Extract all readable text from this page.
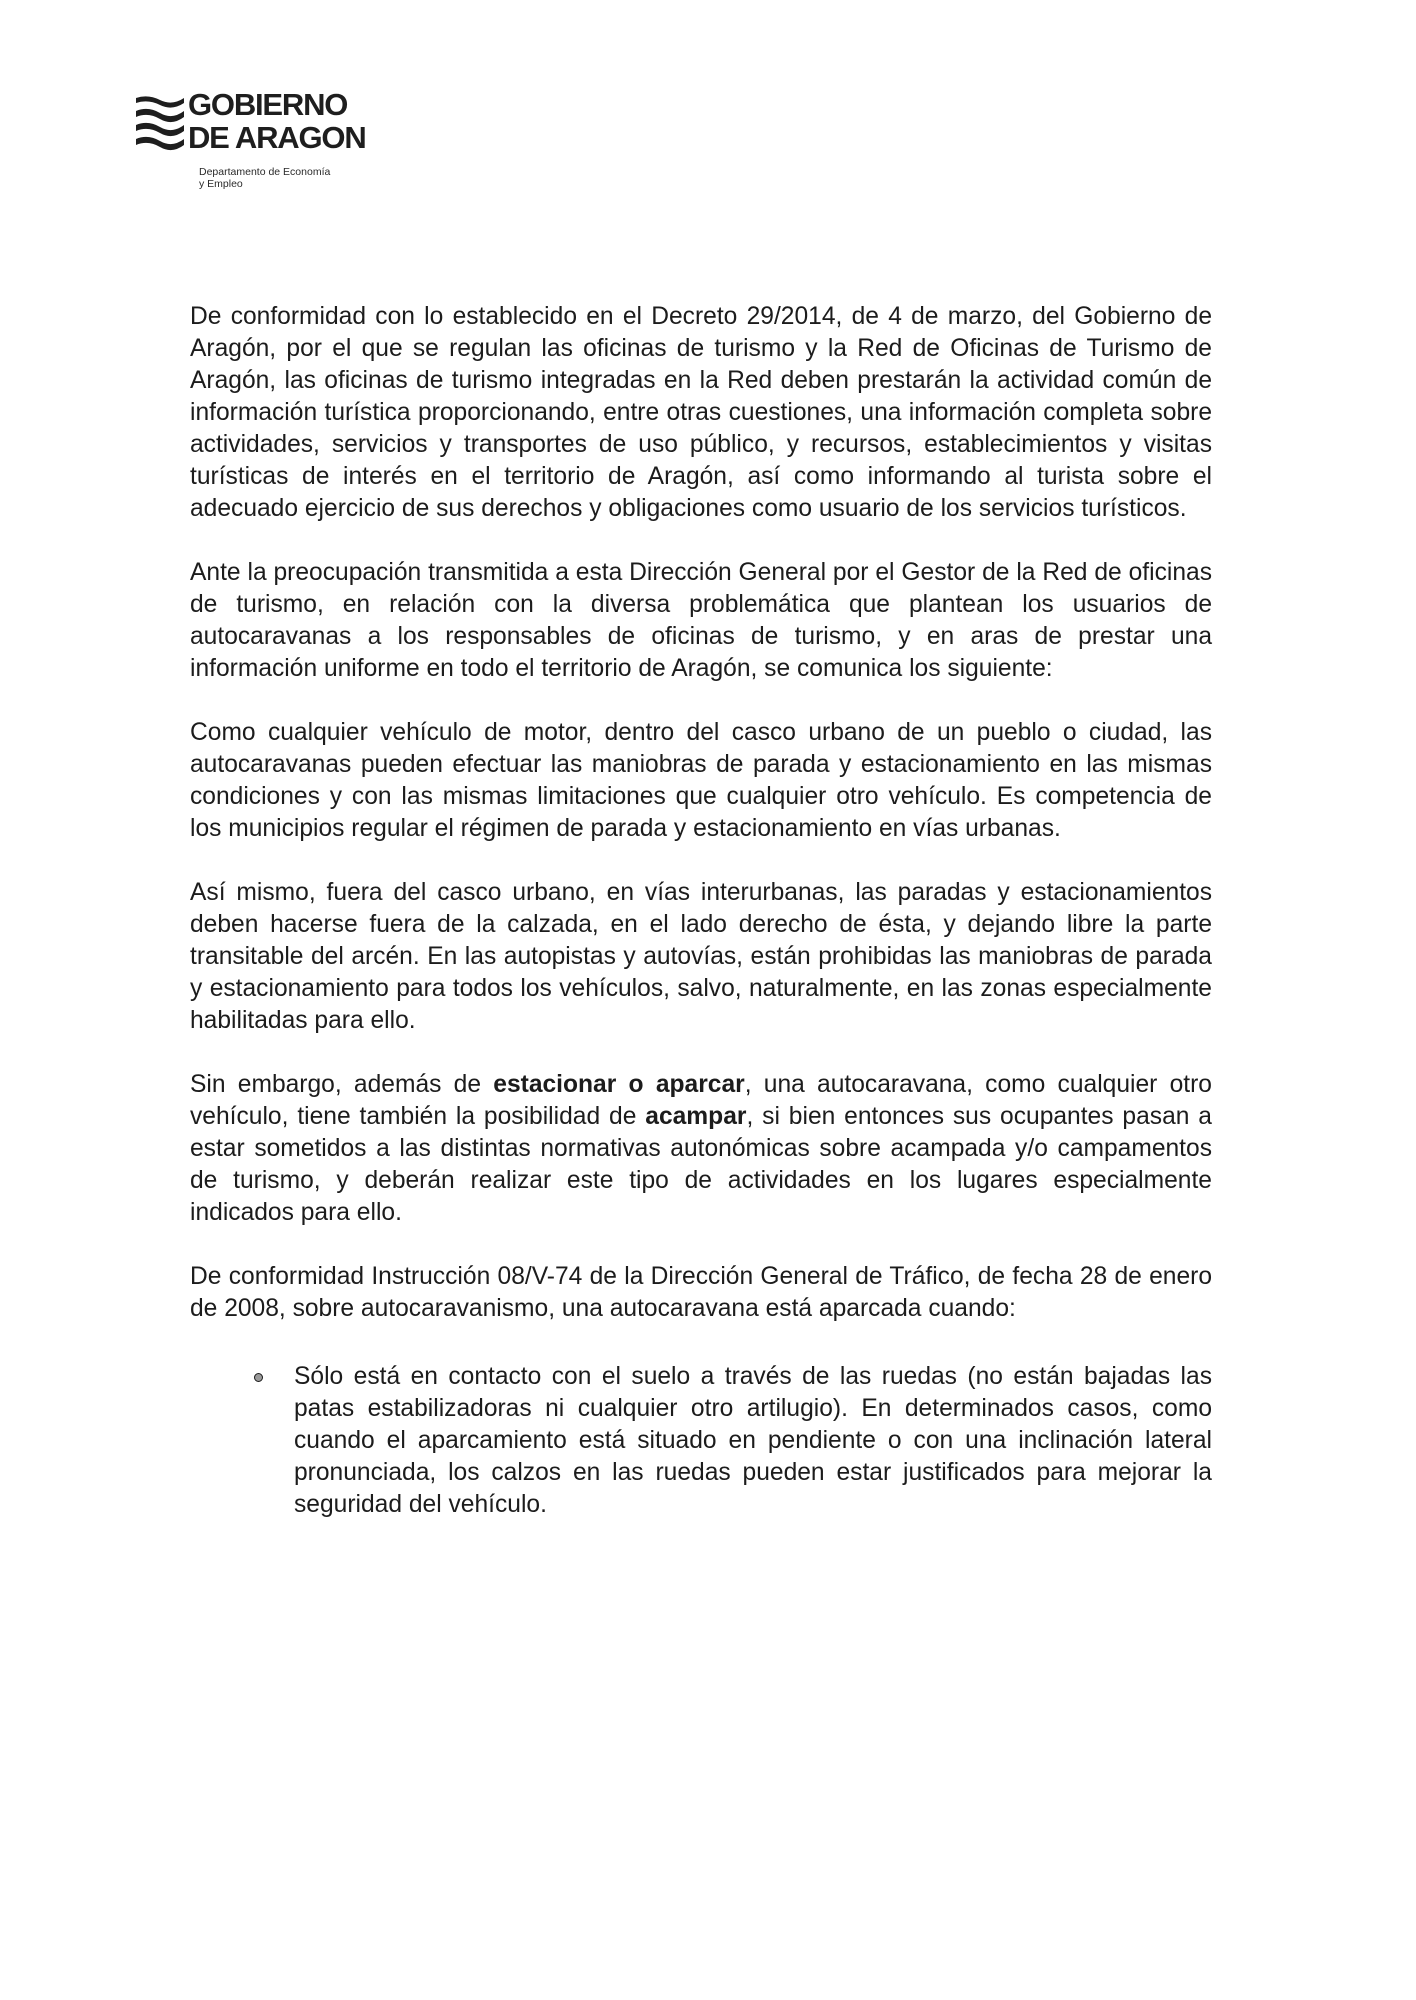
GOBIERNO
DE ARAGON
Departamento de Economía
y Empleo

De conformidad con lo establecido en el Decreto 29/2014, de 4 de marzo, del Gobierno de Aragón, por el que se regulan las oficinas de turismo y la Red de Oficinas de Turismo de Aragón, las oficinas de turismo integradas en la Red deben prestarán la actividad común de información turística proporcionando, entre otras cuestiones, una información completa sobre actividades, servicios y transportes de uso público, y recursos, establecimientos y visitas turísticas de interés en el territorio de Aragón, así como informando al turista sobre el adecuado ejercicio de sus derechos y obligaciones como usuario de los servicios turísticos.

Ante la preocupación transmitida a esta Dirección General por el Gestor de la Red de oficinas de turismo, en relación con la diversa problemática que plantean los usuarios de autocaravanas a los responsables de oficinas de turismo, y en aras de prestar una información uniforme en todo el territorio de Aragón, se comunica los siguiente:

Como cualquier vehículo de motor, dentro del casco urbano de un pueblo o ciudad, las autocaravanas pueden efectuar las maniobras de parada y estacionamiento en las mismas condiciones y con las mismas limitaciones que cualquier otro vehículo. Es competencia de los municipios regular el régimen de parada y estacionamiento en vías urbanas.

Así mismo, fuera del casco urbano, en vías interurbanas, las paradas y estacionamientos deben hacerse fuera de la calzada, en el lado derecho de ésta, y dejando libre la parte transitable del arcén. En las autopistas y autovías, están prohibidas las maniobras de parada y estacionamiento para todos los vehículos, salvo, naturalmente, en las zonas especialmente habilitadas para ello.

Sin embargo, además de estacionar o aparcar, una autocaravana, como cualquier otro vehículo, tiene también la posibilidad de acampar, si bien entonces sus ocupantes pasan a estar sometidos a las distintas normativas autonómicas sobre acampada y/o campamentos de turismo, y deberán realizar este tipo de actividades en los lugares especialmente indicados para ello.

De conformidad Instrucción 08/V-74 de la Dirección General de Tráfico, de fecha 28 de enero de 2008, sobre autocaravanismo, una autocaravana está aparcada cuando:

Sólo está en contacto con el suelo a través de las ruedas (no están bajadas las patas estabilizadoras ni cualquier otro artilugio). En determinados casos, como cuando el aparcamiento está situado en pendiente o con una inclinación lateral pronunciada, los calzos en las ruedas pueden estar justificados para mejorar la seguridad del vehículo.
